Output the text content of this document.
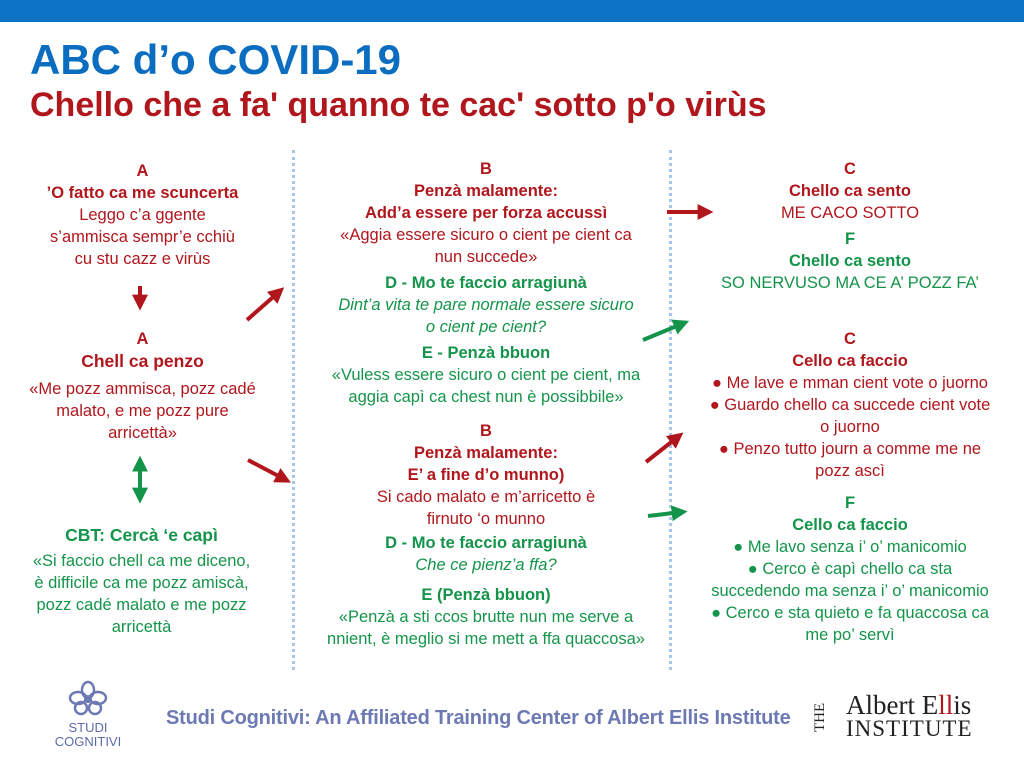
ABC d’o COVID-19
Chello che a fa' quanno te cac' sotto p'o virùs
A
’O fatto ca me scuncerta
Leggo c’a ggente
s’ammisca sempr’e cchiù
cu stu cazz e virùs
A
Chell ca penzo
«Me pozz ammisca, pozz cadé
malato, e me pozz pure
arricettà»
CBT: Cercà ‘e capì
«Si faccio chell ca me diceno,
è difficile ca me pozz amiscà,
pozz cadé malato e me pozz
arricettà
B
Penzà malamente:
Add’a essere per forza accussì
«Aggia essere sicuro o cient pe cient ca
nun succede»
D - Mo te faccio arragiunà
Dint’a vita te pare normale essere sicuro
o cient pe cient?
E - Penzà bbuon
«Vuless essere sicuro o cient pe cient, ma
aggia capì ca chest nun è possibbile»
B
Penzà malamente:
E’ a fine d’o munno)
Si cado malato e m’arricetto è
firnuto ‘o munno
D - Mo te faccio arragiunà
Che ce pienz’a ffa?
E (Penzà bbuon)
«Penzà a sti ccos brutte nun me serve a
nnient, è meglio si me mett a ffa quaccosa»
C
Chello ca sento
ME CACO SOTTO
F
Chello ca sento
SO NERVUSO MA CE A’ POZZ FA’
C
Cello ca faccio
● Me lave e mman cient vote o juorno
● Guardo chello ca succede cient vote
o juorno
● Penzo tutto journ a comme me ne
pozz ascì
F
Cello ca faccio
● Me lavo senza i’ o’ manicomio
● Cerco è capì chello ca sta
succedendo ma senza i’ o’ manicomio
● Cerco e sta quieto e fa quaccosa ca
me po’ servì
STUDI
COGNITIVI
Studi Cognitivi: An Affiliated Training Center of Albert Ellis Institute THE Albert Ellis
INSTITUTE
